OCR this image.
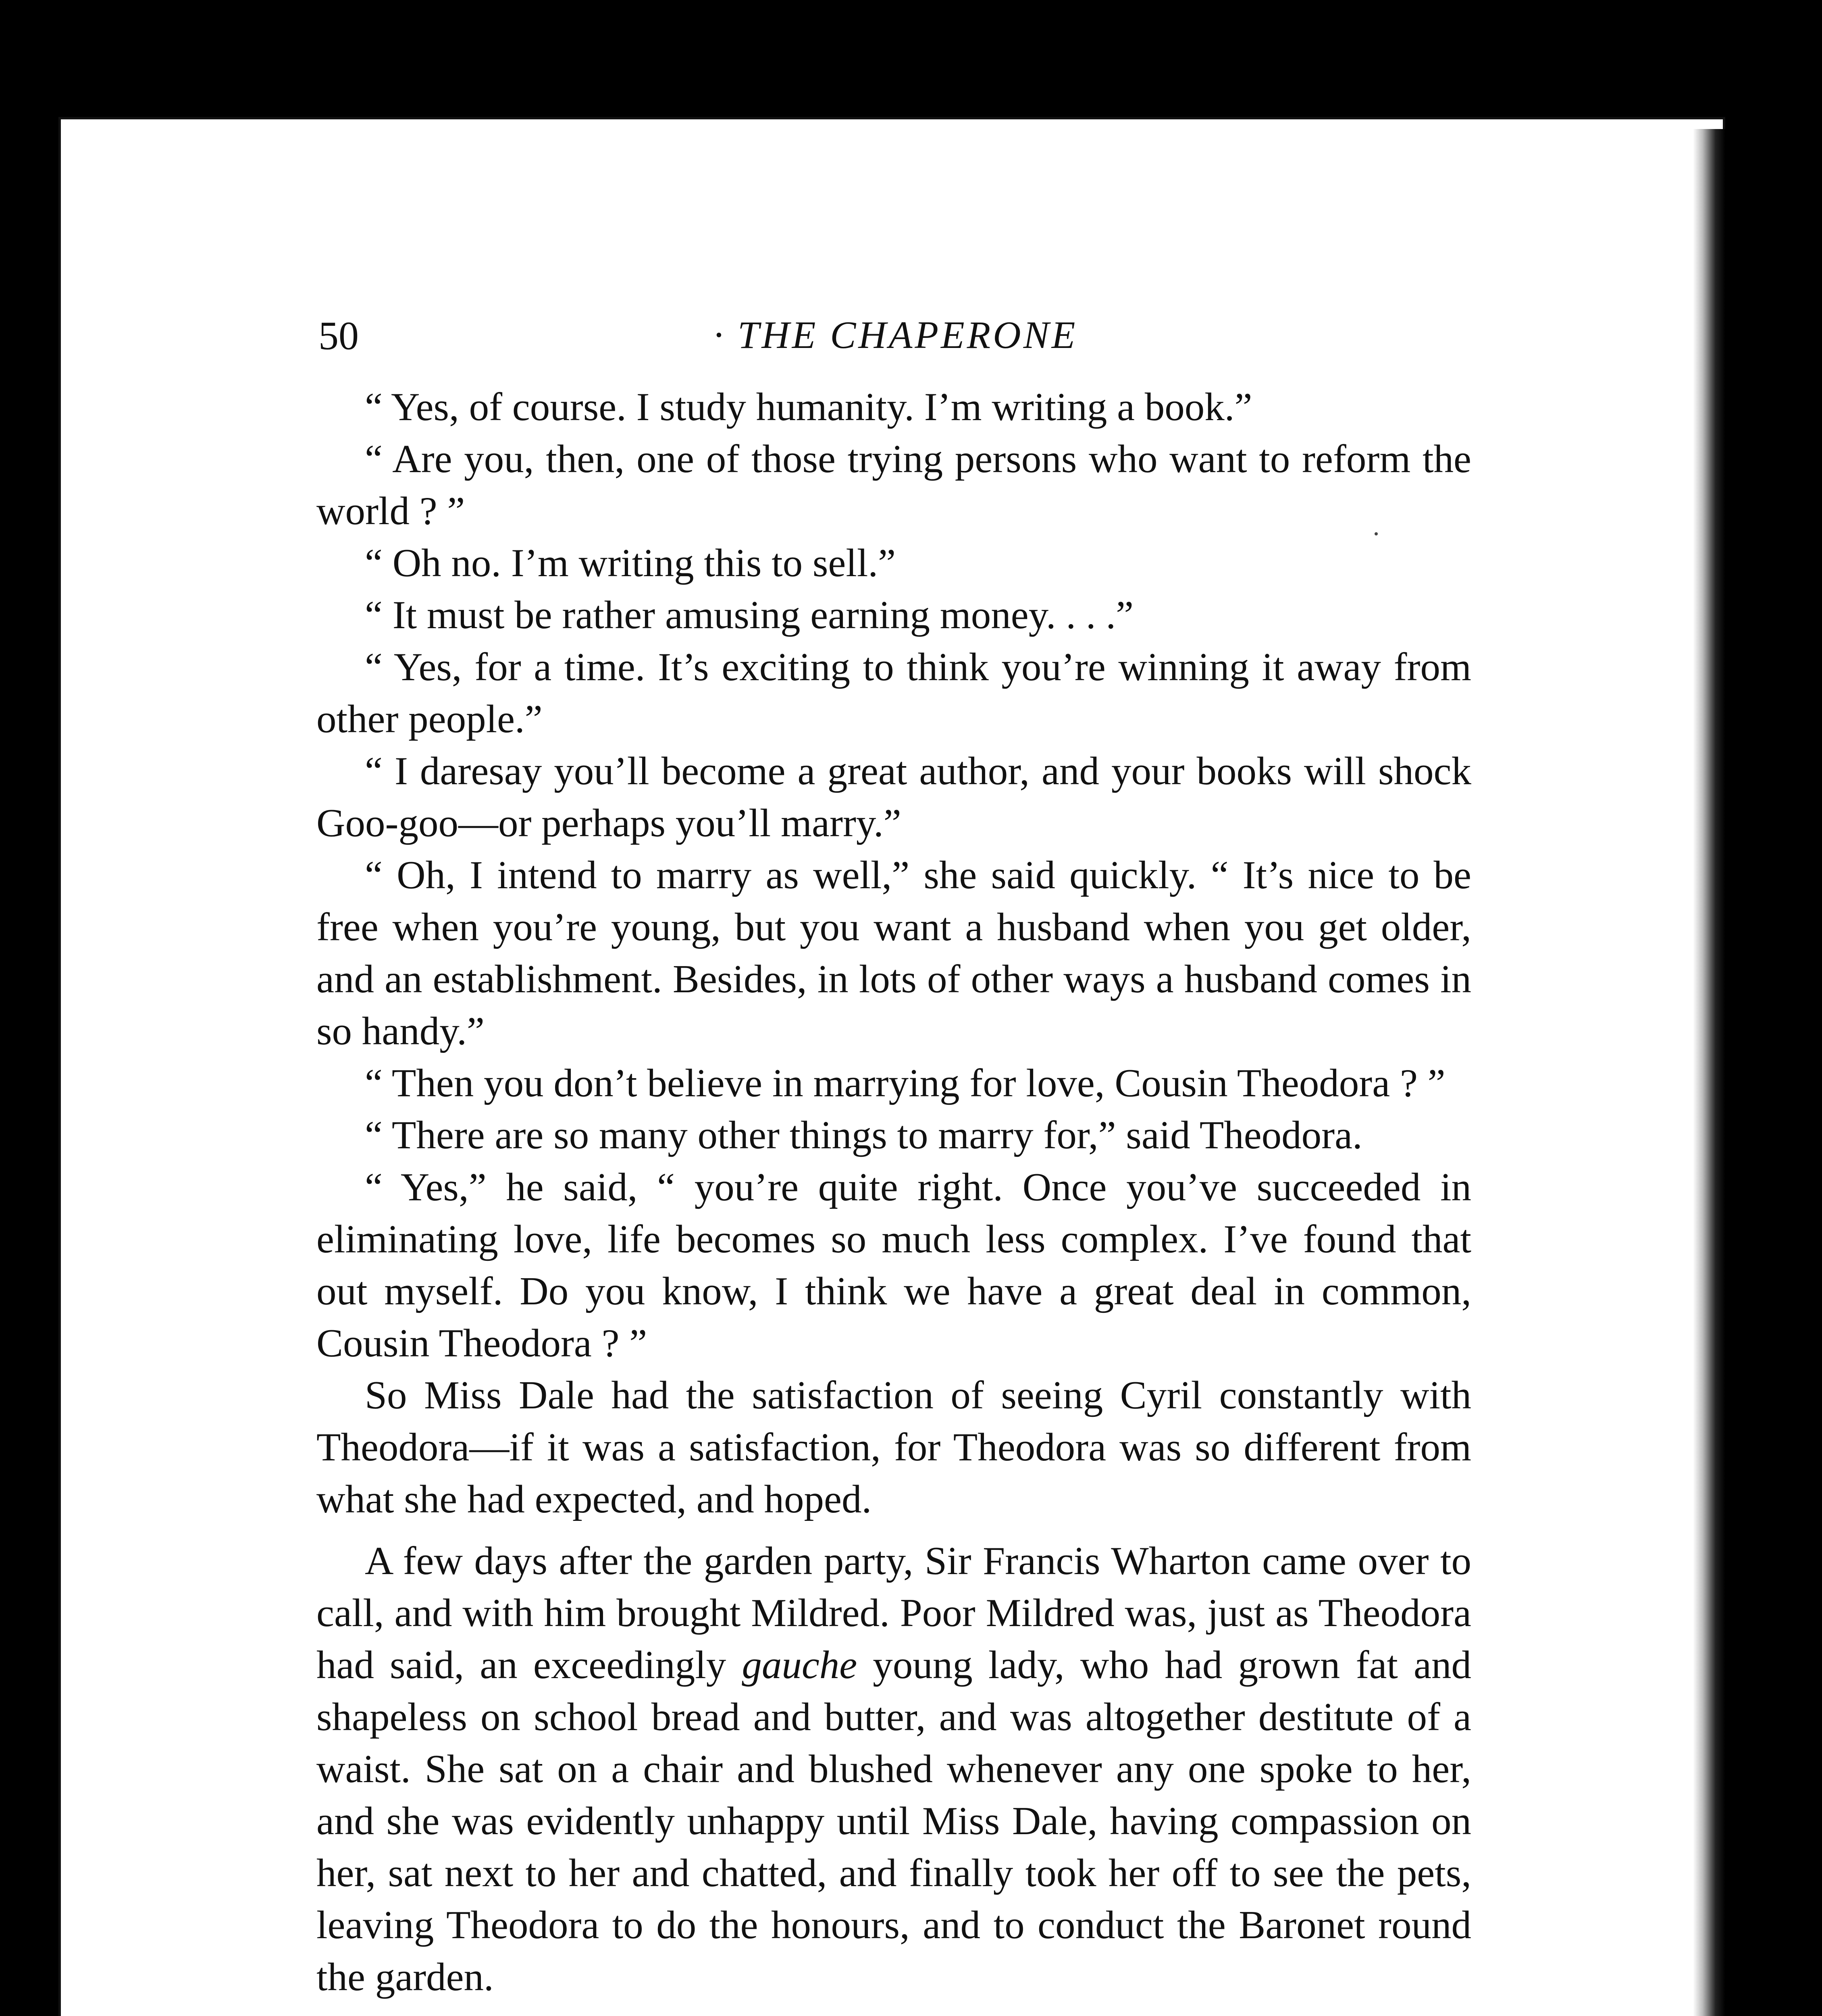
50	· THE CHAPERONE

“ Yes, of course. I study humanity. I’m writing a book.”

“ Are you, then, one of those trying persons who want to reform the world ? ”

“ Oh no. I’m writing this to sell.”

“ It must be rather amusing earning money. . . .”

“ Yes, for a time. It’s exciting to think you’re winning it away from other people.”

“ I daresay you’ll become a great author, and your books will shock Goo-goo—or perhaps you’ll marry.”

“ Oh, I intend to marry as well,” she said quickly. “ It’s nice to be free when you’re young, but you want a husband when you get older, and an establishment. Besides, in lots of other ways a husband comes in so handy.”

“ Then you don’t believe in marrying for love, Cousin Theodora ? ”

“ There are so many other things to marry for,” said Theodora.

“ Yes,” he said, “ you’re quite right. Once you’ve succeeded in eliminating love, life becomes so much less complex. I’ve found that out myself. Do you know, I think we have a great deal in common, Cousin Theodora ? ”

So Miss Dale had the satisfaction of seeing Cyril constantly with Theodora—if it was a satisfaction, for Theodora was so different from what she had expected, and hoped.

A few days after the garden party, Sir Francis Wharton came over to call, and with him brought Mildred. Poor Mildred was, just as Theodora had said, an exceedingly gauche young lady, who had grown fat and shapeless on school bread and butter, and was altogether destitute of a waist. She sat on a chair and blushed whenever any one spoke to her, and she was evidently unhappy until Miss Dale, having compassion on her, sat next to her and chatted, and finally took her off to see the pets, leaving Theodora to do the honours, and to conduct the Baronet round the garden.
